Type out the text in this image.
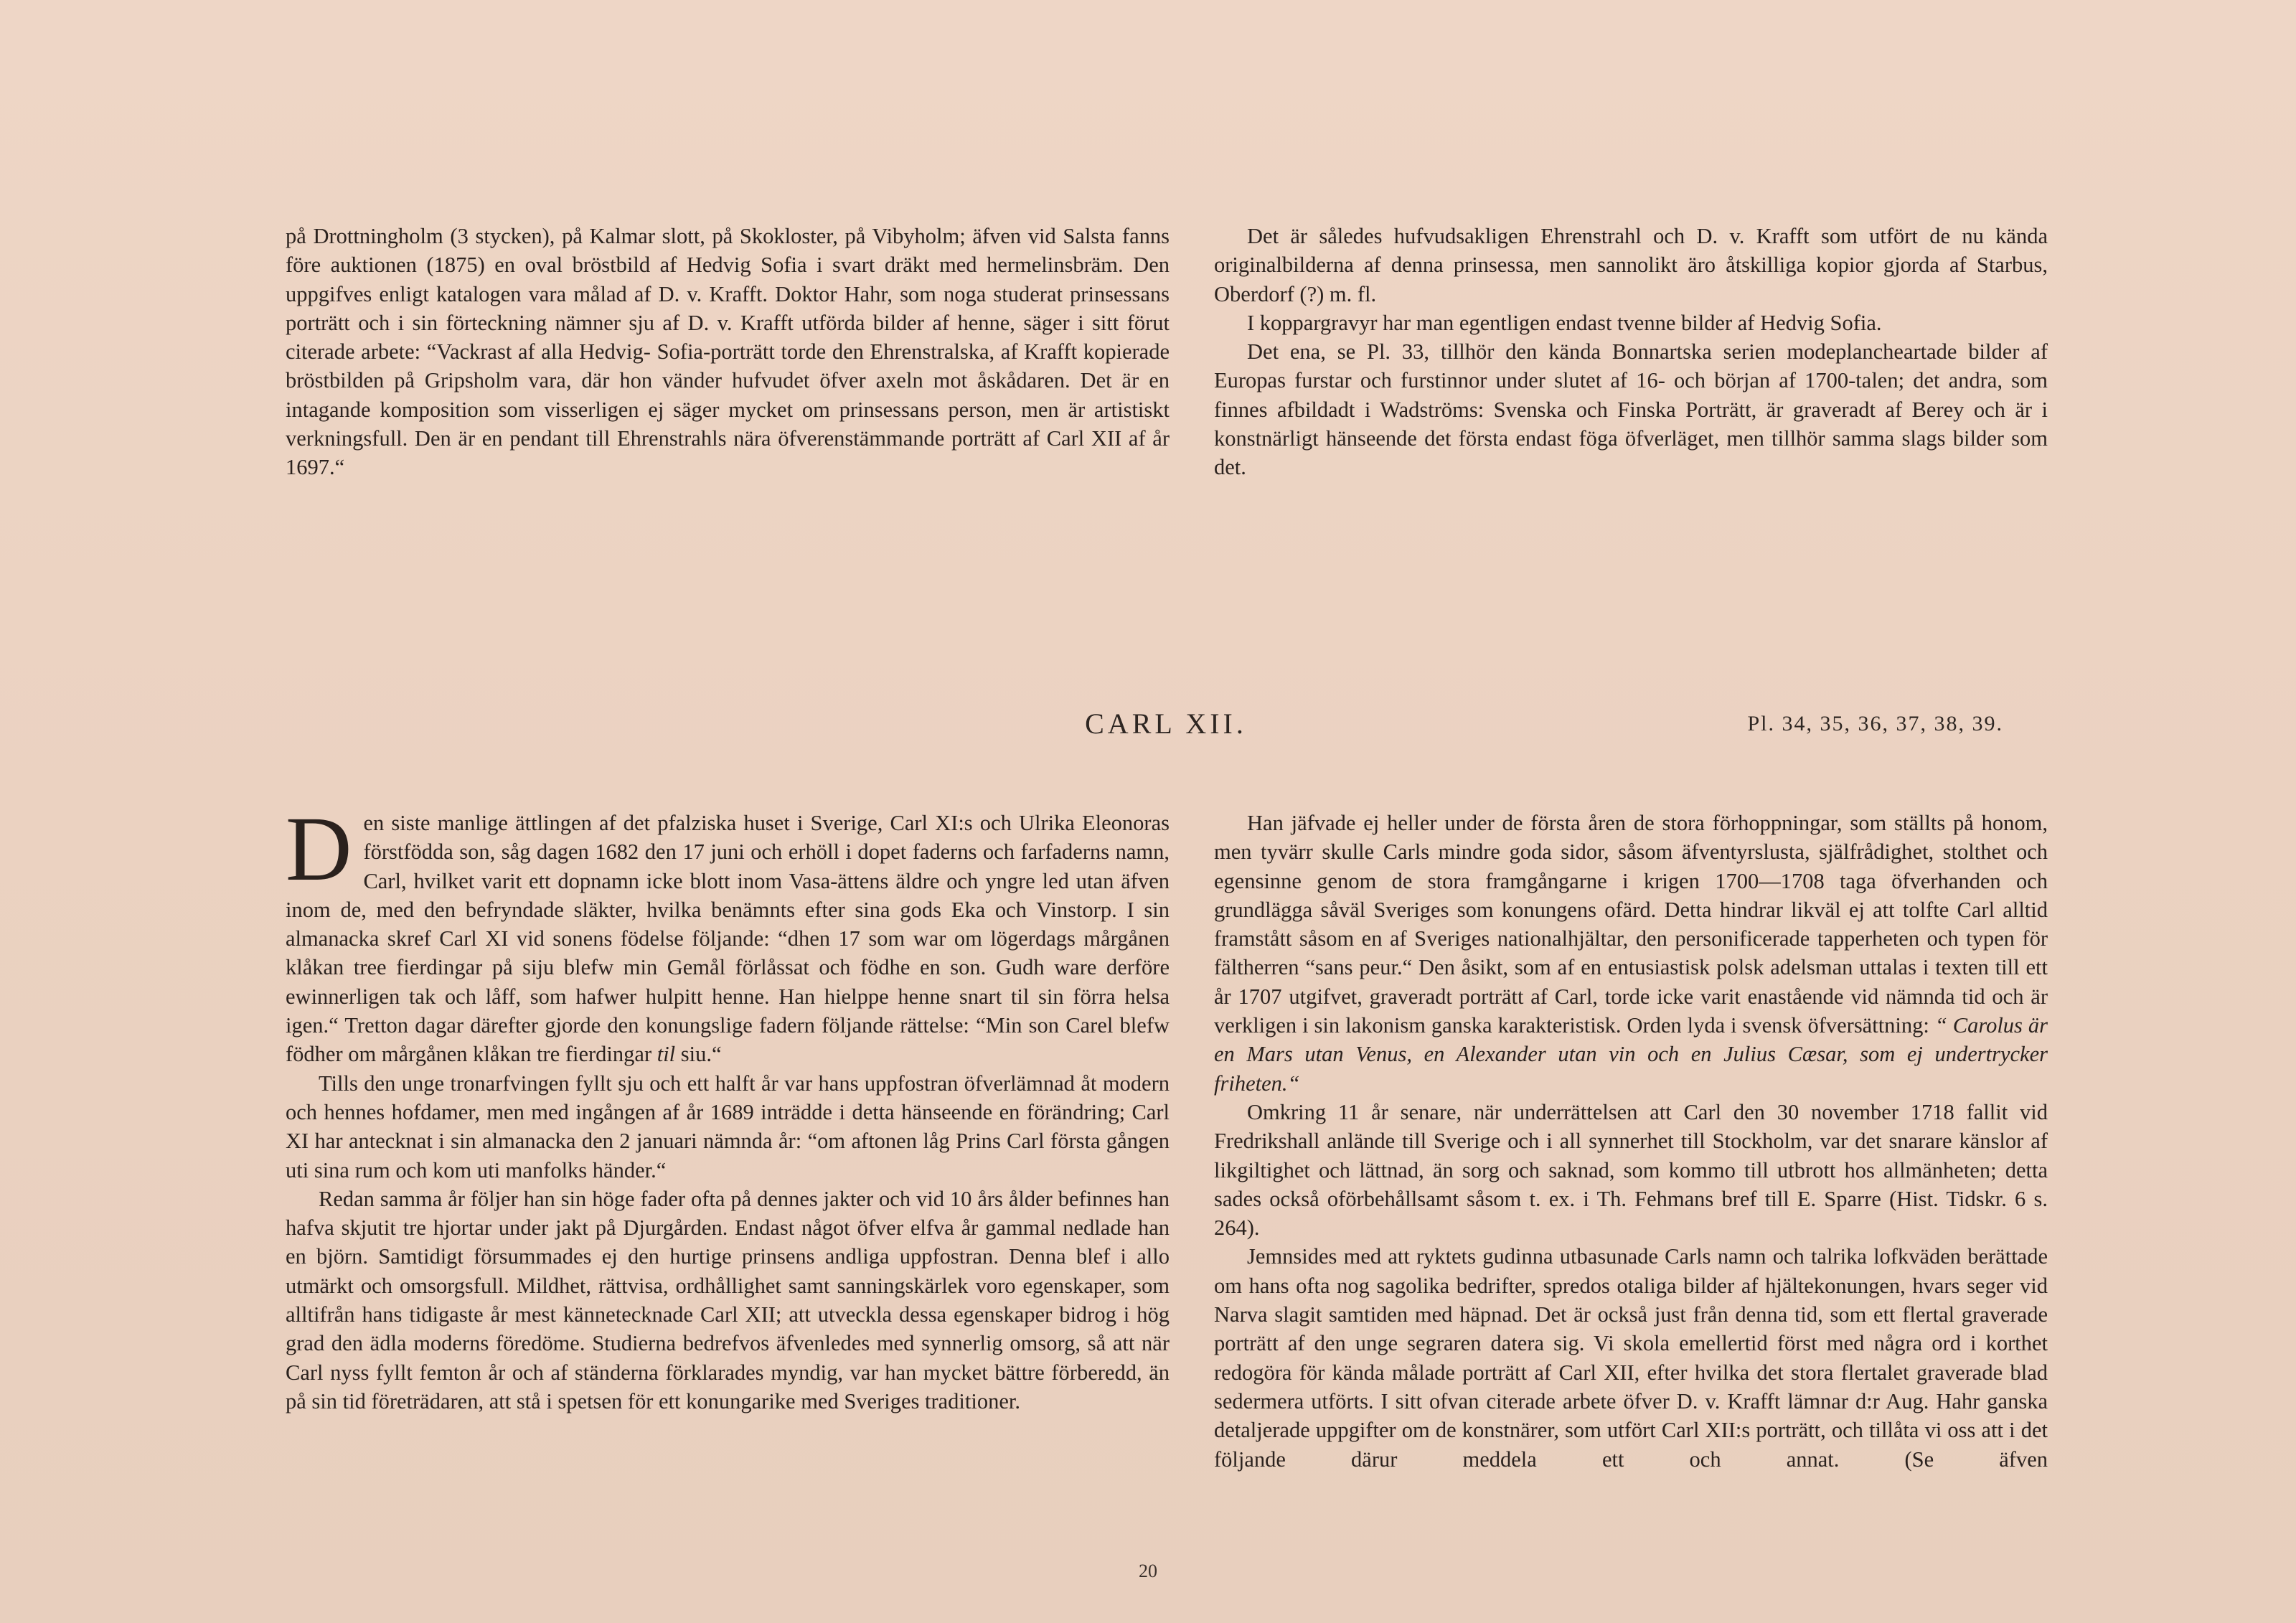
på Drottningholm (3 stycken), på Kalmar slott, på Skokloster, på Vibyholm; äfven vid Salsta fanns före auktionen (1875) en oval bröstbild af Hedvig Sofia i svart dräkt med hermelinsbräm. Den uppgifves enligt katalogen vara målad af D. v. Krafft. Doktor Hahr, som noga studerat prinsessans porträtt och i sin förteckning nämner sju af D. v. Krafft utförda bilder af henne, säger i sitt förut citerade arbete: “Vackrast af alla Hedvig- Sofia-porträtt torde den Ehrenstralska, af Krafft kopierade bröstbilden på Gripsholm vara, där hon vänder hufvudet öfver axeln mot åskådaren. Det är en intagande komposition som visserligen ej säger mycket om prinsessans person, men är artistiskt verkningsfull. Den är en pendant till Ehrenstrahls nära öfverenstämmande porträtt af Carl XII af år 1697.“

Det är således hufvudsakligen Ehrenstrahl och D. v. Krafft som utfört de nu kända originalbilderna af denna prinsessa, men sannolikt äro åtskilliga kopior gjorda af Starbus, Oberdorf (?) m. fl.

I koppargravyr har man egentligen endast tvenne bilder af Hedvig Sofia.

Det ena, se Pl. 33, tillhör den kända Bonnartska serien modeplancheartade bilder af Europas furstar och furstinnor under slutet af 16- och början af 1700-talen; det andra, som finnes afbildadt i Wadströms: Svenska och Finska Porträtt, är graveradt af Berey och är i konstnärligt hänseende det första endast föga öfverläget, men tillhör samma slags bilder som det.

CARL XII.	Pl. 34, 35, 36, 37, 38, 39.

Den siste manlige ättlingen af det pfalziska huset i Sverige, Carl XI:s och Ulrika Eleonoras förstfödda son, såg dagen 1682 den 17 juni och erhöll i dopet faderns och farfaderns namn, Carl, hvilket varit ett dopnamn icke blott inom Vasa-ättens äldre och yngre led utan äfven inom de, med den befryndade släkter, hvilka benämnts efter sina gods Eka och Vinstorp. I sin almanacka skref Carl XI vid sonens födelse följande: “dhen 17 som war om lögerdags mårgånen klåkan tree fierdingar på siju blefw min Gemål förlåssat och födhe en son. Gudh ware derföre ewinnerligen tak och låff, som hafwer hulpitt henne. Han hielppe henne snart til sin förra helsa igen.“ Tretton dagar därefter gjorde den konungslige fadern följande rättelse: “Min son Carel blefw födher om mårgånen klåkan tre fierdingar til siu.“

Tills den unge tronarfvingen fyllt sju och ett halft år var hans uppfostran öfverlämnad åt modern och hennes hofdamer, men med ingången af år 1689 inträdde i detta hänseende en förändring; Carl XI har antecknat i sin almanacka den 2 januari nämnda år: “om aftonen låg Prins Carl första gången uti sina rum och kom uti manfolks händer.“

Redan samma år följer han sin höge fader ofta på dennes jakter och vid 10 års ålder befinnes han hafva skjutit tre hjortar under jakt på Djurgården. Endast något öfver elfva år gammal nedlade han en björn. Samtidigt försummades ej den hurtige prinsens andliga uppfostran. Denna blef i allo utmärkt och omsorgsfull. Mildhet, rättvisa, ordhållighet samt sanningskärlek voro egenskaper, som alltifrån hans tidigaste år mest kännetecknade Carl XII; att utveckla dessa egenskaper bidrog i hög grad den ädla moderns föredöme. Studierna bedrefvos äfvenledes med synnerlig omsorg, så att när Carl nyss fyllt femton år och af ständerna förklarades myndig, var han mycket bättre förberedd, än på sin tid företrädaren, att stå i spetsen för ett konungarike med Sveriges traditioner.

Han jäfvade ej heller under de första åren de stora förhoppningar, som ställts på honom, men tyvärr skulle Carls mindre goda sidor, såsom äfventyrslusta, själfrådighet, stolthet och egensinne genom de stora framgångarne i krigen 1700—1708 taga öfverhanden och grundlägga såväl Sveriges som konungens ofärd. Detta hindrar likväl ej att tolfte Carl alltid framstått såsom en af Sveriges nationalhjältar, den personificerade tapperheten och typen för fältherren “sans peur.“ Den åsikt, som af en entusiastisk polsk adelsman uttalas i texten till ett år 1707 utgifvet, graveradt porträtt af Carl, torde icke varit enastående vid nämnda tid och är verkligen i sin lakonism ganska karakteristisk. Orden lyda i svensk öfversättning: “ Carolus är en Mars utan Venus, en Alexander utan vin och en Julius Cæsar, som ej undertrycker friheten.“

Omkring 11 år senare, när underrättelsen att Carl den 30 november 1718 fallit vid Fredrikshall anlände till Sverige och i all synnerhet till Stockholm, var det snarare känslor af likgiltighet och lättnad, än sorg och saknad, som kommo till utbrott hos allmänheten; detta sades också oförbehållsamt såsom t. ex. i Th. Fehmans bref till E. Sparre (Hist. Tidskr. 6 s. 264).

Jemnsides med att ryktets gudinna utbasunade Carls namn och talrika lofkväden berättade om hans ofta nog sagolika bedrifter, spredos otaliga bilder af hjältekonungen, hvars seger vid Narva slagit samtiden med häpnad. Det är också just från denna tid, som ett flertal graverade porträtt af den unge segraren datera sig. Vi skola emellertid först med några ord i korthet redogöra för kända målade porträtt af Carl XII, efter hvilka det stora flertalet graverade blad sedermera utförts. I sitt ofvan citerade arbete öfver D. v. Krafft lämnar d:r Aug. Hahr ganska detaljerade uppgifter om de konstnärer, som utfört Carl XII:s porträtt, och tillåta vi oss att i det följande därur meddela ett och annat. (Se äfven

20
